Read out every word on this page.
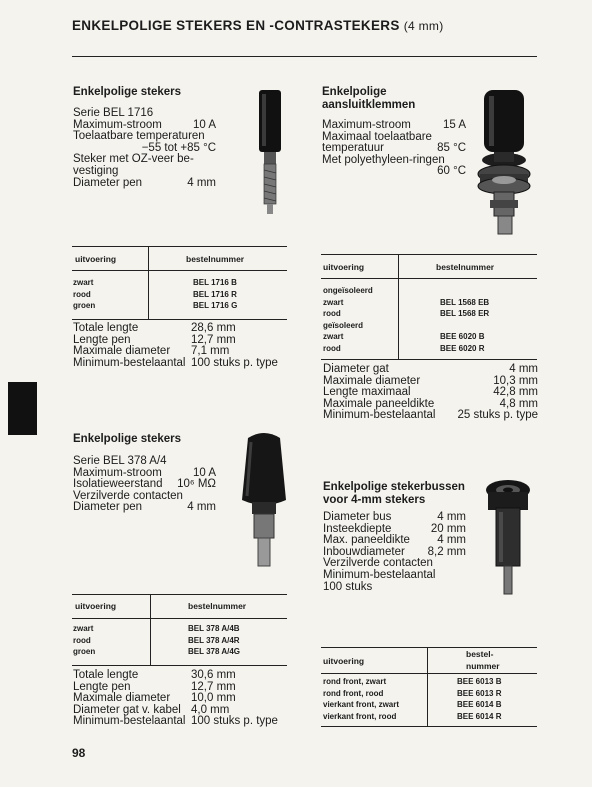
ENKELPOLIGE STEKERS EN -CONTRASTEKERS (4 mm)
Enkelpolige stekers
Serie BEL 1716
Maximum-stroom	10 A
Toelaatbare temperaturen
−55 tot +85 °C
Steker met OZ-veer be-
vestiging
Diameter pen	4 mm
uitvoering	bestelnummer
zwart	BEL 1716 B
rood	BEL 1716 R
groen	BEL 1716 G
Totale lengte	28,6 mm
Lengte pen	12,7 mm
Maximale diameter	7,1 mm
Minimum-bestelaantal 100 stuks p. type
Enkelpolige
aansluitklemmen
Maximum-stroom	15 A
Maximaal toelaatbare
temperatuur	85 °C
Met polyethyleen-ringen
60 °C
uitvoering	bestelnummer
ongeïsoleerd
zwart	BEL 1568 EB
rood	BEL 1568 ER
geïsoleerd
zwart	BEE 6020 B
rood	BEE 6020 R
Diameter gat	4 mm
Maximale diameter	10,3 mm
Lengte maximaal	42,8 mm
Maximale paneeldikte	4,8 mm
Minimum-bestelaantal 25 stuks p. type
Enkelpolige stekers
Serie BEL 378 A/4
Maximum-stroom	10 A
Isolatieweerstand 10⁶ MΩ
Verzilverde contacten
Diameter pen	4 mm
uitvoering	bestelnummer
zwart	BEL 378 A/4B
rood	BEL 378 A/4R
groen	BEL 378 A/4G
Totale lengte	30,6 mm
Lengte pen	12,7 mm
Maximale diameter	10,0 mm
Diameter gat v. kabel 4,0 mm
Minimum-bestelaantal 100 stuks p. type
Enkelpolige stekerbussen
voor 4-mm stekers
Diameter bus	4 mm
Insteekdiepte	20 mm
Max. paneeldikte 4 mm
Inbouwdiameter 8,2 mm
Verzilverde contacten
Minimum-bestelaantal
100 stuks
uitvoering
bestel-
nummer
rond front, zwart	BEE 6013 B
rond front, rood	BEE 6013 R
vierkant front, zwart	BEE 6014 B
vierkant front, rood	BEE 6014 R
98
